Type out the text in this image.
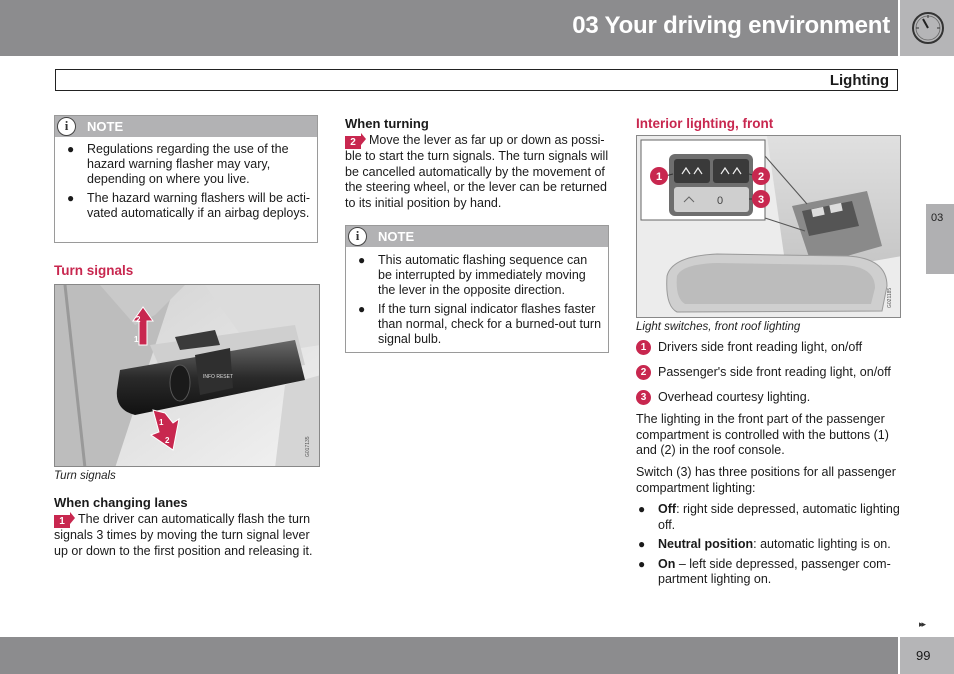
03 Your driving environment
Lighting
03
i	NOTE
● Regulations regarding the use of the hazard warning flasher may vary, depending on where you live.
● The hazard warning flashers will be activated automatically if an airbag deploys.
Turn signals
INFO RESET
2
1
1
2	G017135
Turn signals
When changing lanes
1 The driver can automatically flash the turn signals 3 times by moving the turn signal lever up or down to the first position and releasing it.
When turning
2 Move the lever as far up or down as possible to start the turn signals. The turn signals will be cancelled automatically by the movement of the steering wheel, or the lever can be returned to its initial position by hand.
i	NOTE
● This automatic flashing sequence can be interrupted by immediately moving the lever in the opposite direction.
● If the turn signal indicator flashes faster than normal, check for a burned-out turn signal bulb.
Interior lighting, front
0
1	2
3
G021185
Light switches, front roof lighting
1 Drivers side front reading light, on/off
2 Passenger's side front reading light, on/off
3 Overhead courtesy lighting.
The lighting in the front part of the passenger compartment is controlled with the buttons (1) and (2) in the roof console.
Switch (3) has three positions for all passenger compartment lighting:
● Off: right side depressed, automatic lighting off.
● Neutral position: automatic lighting is on.
● On – left side depressed, passenger compartment lighting on.
▸▸
99
